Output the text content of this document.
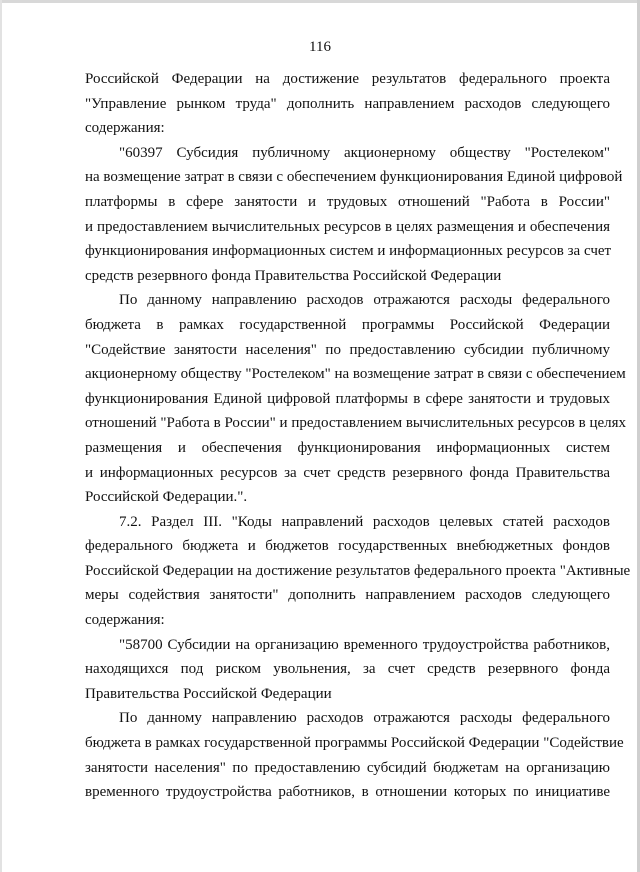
116
Российской Федерации на достижение результатов федерального проекта
"Управление рынком труда" дополнить направлением расходов следующего
содержания:
"60397 Субсидия публичному акционерному обществу "Ростелеком"
на возмещение затрат в связи с обеспечением функционирования Единой цифровой
платформы в сфере занятости и трудовых отношений "Работа в России"
и предоставлением вычислительных ресурсов в целях размещения и обеспечения
функционирования информационных систем и информационных ресурсов за счет
средств резервного фонда Правительства Российской Федерации
По данному направлению расходов отражаются расходы федерального
бюджета в рамках государственной программы Российской Федерации
"Содействие занятости населения" по предоставлению субсидии публичному
акционерному обществу "Ростелеком" на возмещение затрат в связи с обеспечением
функционирования Единой цифровой платформы в сфере занятости и трудовых
отношений "Работа в России" и предоставлением вычислительных ресурсов в целях
размещения и обеспечения функционирования информационных систем
и информационных ресурсов за счет средств резервного фонда Правительства
Российской Федерации.".
7.2. Раздел III. "Коды направлений расходов целевых статей расходов
федерального бюджета и бюджетов государственных внебюджетных фондов
Российской Федерации на достижение результатов федерального проекта "Активные
меры содействия занятости" дополнить направлением расходов следующего
содержания:
"58700 Субсидии на организацию временного трудоустройства работников,
находящихся под риском увольнения, за счет средств резервного фонда
Правительства Российской Федерации
По данному направлению расходов отражаются расходы федерального
бюджета в рамках государственной программы Российской Федерации "Содействие
занятости населения" по предоставлению субсидий бюджетам на организацию
временного трудоустройства работников, в отношении которых по инициативе
